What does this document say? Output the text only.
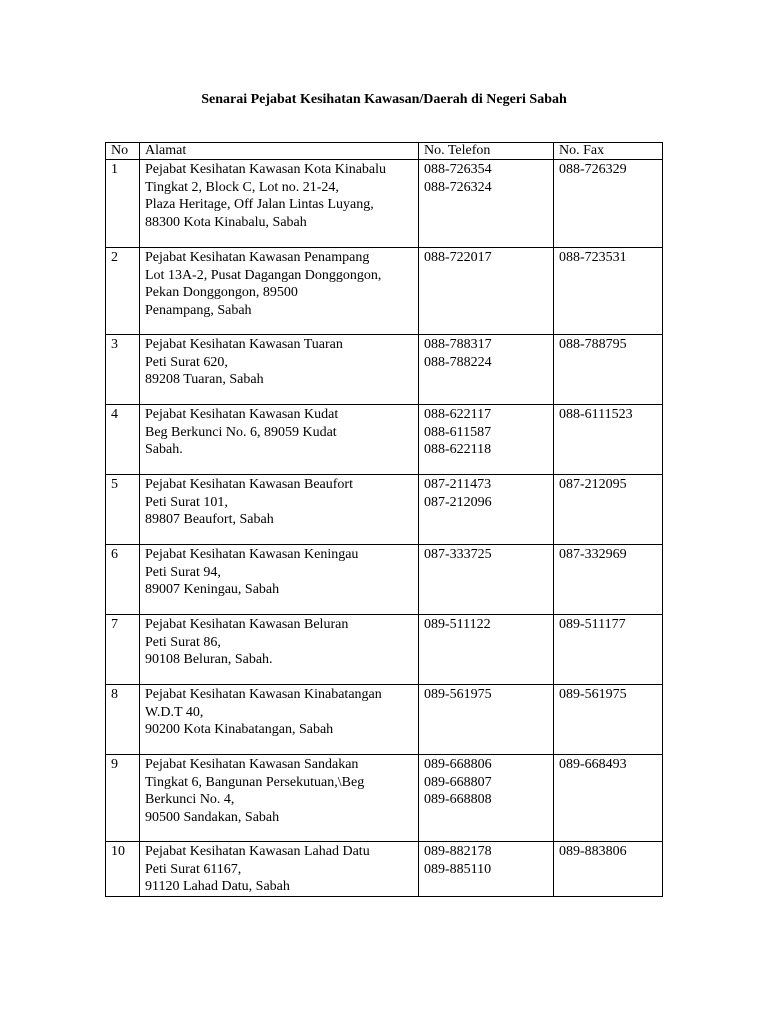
Senarai Pejabat Kesihatan Kawasan/Daerah di Negeri Sabah
No	Alamat	No. Telefon	No. Fax
1	Pejabat Kesihatan Kawasan Kota Kinabalu
Tingkat 2, Block C, Lot no. 21-24,
Plaza Heritage, Off Jalan Lintas Luyang,
88300 Kota Kinabalu, Sabah	088-726354
088-726324	088-726329
2	Pejabat Kesihatan Kawasan Penampang
Lot 13A-2, Pusat Dagangan Donggongon,
Pekan Donggongon, 89500
Penampang, Sabah	088-722017	088-723531
3	Pejabat Kesihatan Kawasan Tuaran
Peti Surat 620,
89208 Tuaran, Sabah	088-788317
088-788224	088-788795
4	Pejabat Kesihatan Kawasan Kudat
Beg Berkunci No. 6, 89059 Kudat
Sabah.	088-622117
088-611587
088-622118	088-6111523
5	Pejabat Kesihatan Kawasan Beaufort
Peti Surat 101,
89807 Beaufort, Sabah	087-211473
087-212096	087-212095
6	Pejabat Kesihatan Kawasan Keningau
Peti Surat 94,
89007 Keningau, Sabah	087-333725	087-332969
7	Pejabat Kesihatan Kawasan Beluran
Peti Surat 86,
90108 Beluran, Sabah.	089-511122	089-511177
8	Pejabat Kesihatan Kawasan Kinabatangan
W.D.T 40,
90200 Kota Kinabatangan, Sabah	089-561975	089-561975
9	Pejabat Kesihatan Kawasan Sandakan
Tingkat 6, Bangunan Persekutuan,\Beg
Berkunci No. 4,
90500 Sandakan, Sabah	089-668806
089-668807
089-668808	089-668493
10	Pejabat Kesihatan Kawasan Lahad Datu
Peti Surat 61167,
91120 Lahad Datu, Sabah	089-882178
089-885110	089-883806
